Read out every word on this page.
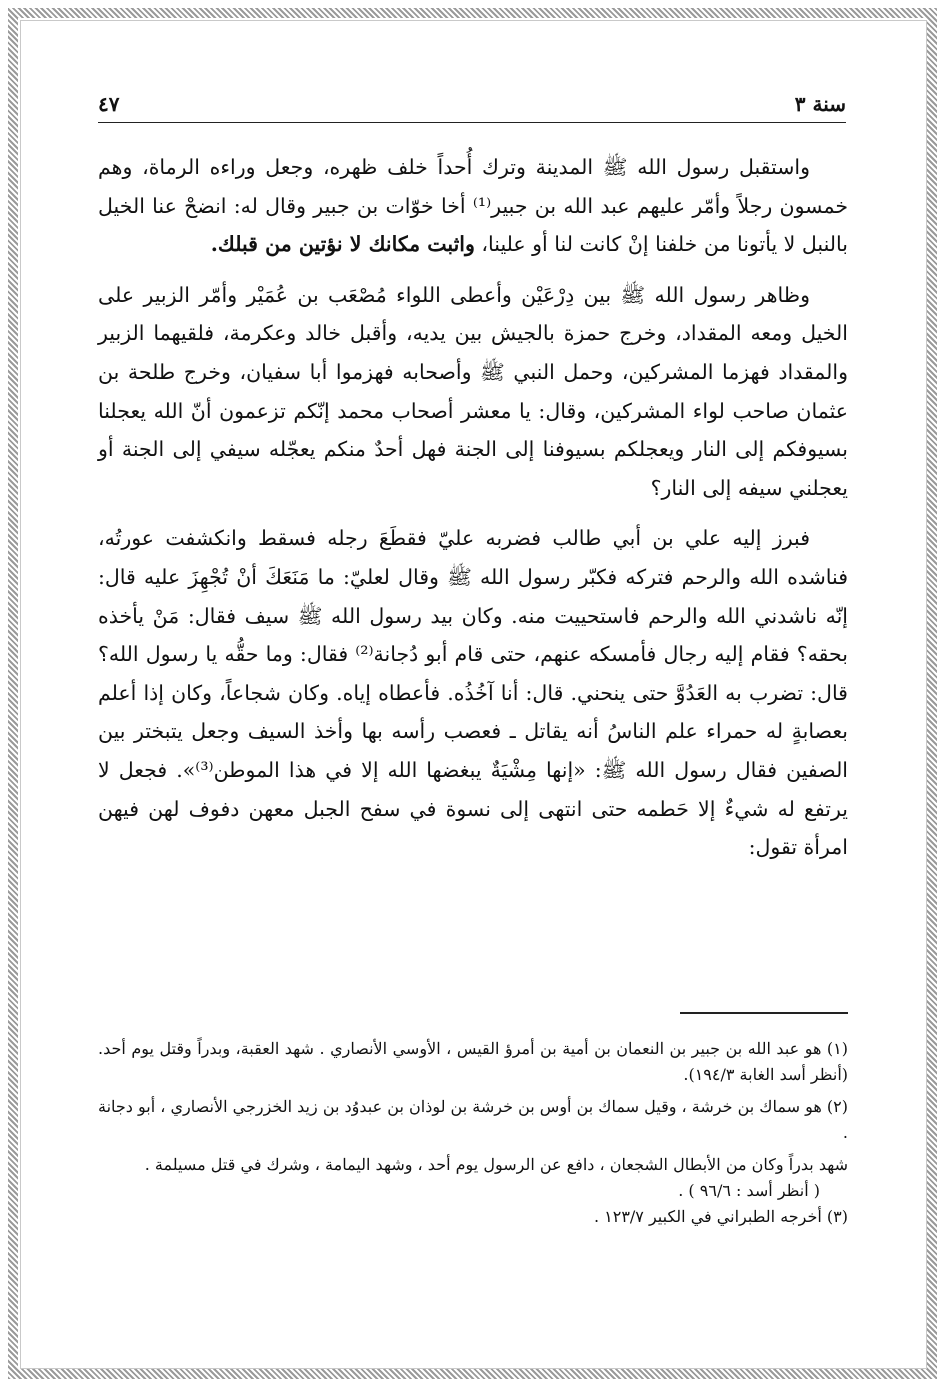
سنة ٣
٤٧

واستقبل رسول الله ﷺ المدينة وترك أُحداً خلف ظهره، وجعل وراءه الرماة، وهم خمسون رجلاً وأمّر عليهم عبد الله بن جبير⁽¹⁾ أخا خوّات بن جبير وقال له: انضحْ عنا الخيل بالنبل لا يأتونا من خلفنا إنْ كانت لنا أو علينا، واثبت مكانك لا نؤتين من قبلك.

وظاهر رسول الله ﷺ بين دِرْعَيْن وأعطى اللواء مُصْعَب بن عُمَيْر وأمّر الزبير على الخيل ومعه المقداد، وخرج حمزة بالجيش بين يديه، وأقبل خالد وعكرمة، فلقيهما الزبير والمقداد فهزما المشركين، وحمل النبي ﷺ وأصحابه فهزموا أبا سفيان، وخرج طلحة بن عثمان صاحب لواء المشركين، وقال: يا معشر أصحاب محمد إنّكم تزعمون أنّ الله يعجلنا بسيوفكم إلى النار ويعجلكم بسيوفنا إلى الجنة فهل أحدٌ منكم يعجّله سيفي إلى الجنة أو يعجلني سيفه إلى النار؟

فبرز إليه علي بن أبي طالب فضربه عليّ فقطَعَ رجله فسقط وانكشفت عورتُه، فناشده الله والرحم فتركه فكبّر رسول الله ﷺ وقال لعليّ: ما مَنَعَكَ أنْ تُجْهِزَ عليه قال: إنّه ناشدني الله والرحم فاستحييت منه. وكان بيد رسول الله ﷺ سيف فقال: مَنْ يأخذه بحقه؟ فقام إليه رجال فأمسكه عنهم، حتى قام أبو دُجانة⁽²⁾ فقال: وما حقُّه يا رسول الله؟ قال: تضرب به العَدُوَّ حتى ينحني. قال: أنا آخُذُه. فأعطاه إياه. وكان شجاعاً، وكان إذا أعلم بعصابةٍ له حمراء علم الناسُ أنه يقاتل ـ فعصب رأسه بها وأخذ السيف وجعل يتبختر بين الصفين فقال رسول الله ﷺ: «إنها مِشْيَةٌ يبغضها الله إلا في هذا الموطن⁽³⁾». فجعل لا يرتفع له شيءٌ إلا حَطمه حتى انتهى إلى نسوة في سفح الجبل معهن دفوف لهن فيهن امرأة تقول:

(١) هو عبد الله بن جبير بن النعمان بن أمية بن أمرؤ القيس ، الأوسي الأنصاري . شهد العقبة، وبدراً وقتل يوم أحد. (أنظر أسد الغابة ١٩٤/٣).

(٢) هو سماك بن خرشة ، وقيل سماك بن أوس بن خرشة بن لوذان بن عبدوُد بن زيد الخزرجي الأنصاري ، أبو دجانة .

شهد بدراً وكان من الأبطال الشجعان ، دافع عن الرسول يوم أحد ، وشهد اليمامة ، وشرك في قتل مسيلمة .

( أنظر أسد : ٩٦/٦ ) .

(٣) أخرجه الطبراني في الكبير ١٢٣/٧ .
